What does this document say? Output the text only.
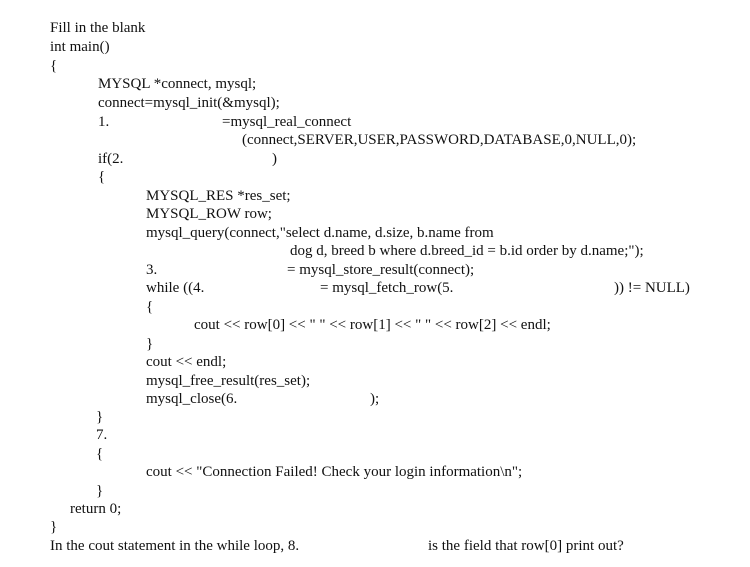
Fill in the blank
int main()
{
MYSQL *connect, mysql;
connect=mysql_init(&mysql);
1.	=mysql_real_connect
(connect,SERVER,USER,PASSWORD,DATABASE,0,NULL,0);
if(2.	)
{
MYSQL_RES *res_set;
MYSQL_ROW row;
mysql_query(connect,"select d.name, d.size, b.name from
dog d, breed b where d.breed_id = b.id order by d.name;");
3.	= mysql_store_result(connect);
while ((4.	= mysql_fetch_row(5.	)) != NULL)
{
cout << row[0] << " " << row[1] << " " << row[2] << endl;
}
cout << endl;
mysql_free_result(res_set);
mysql_close(6.	);
}
7.
{
cout << "Connection Failed! Check your login information\n";
}
return 0;
}
In the cout statement in the while loop, 8.	is the field that row[0] print out?
